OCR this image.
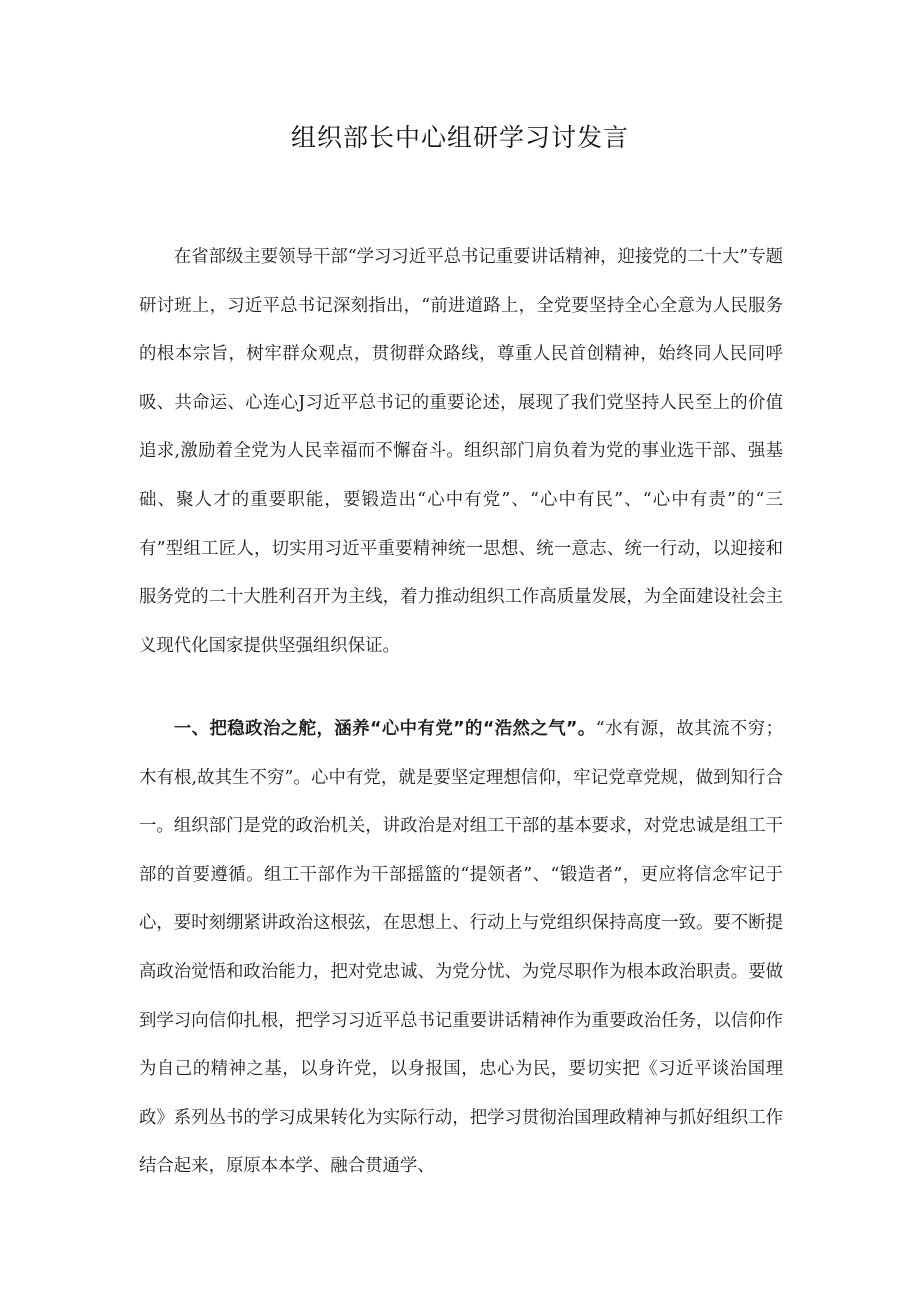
组织部长中心组研学习讨发言

在省部级主要领导干部“学习习近平总书记重要讲话精神，迎接党的二十大”专题研讨班上，习近平总书记深刻指出，“前进道路上，全党要坚持全心全意为人民服务的根本宗旨，树牢群众观点，贯彻群众路线，尊重人民首创精神，始终同人民同呼吸、共命运、心连心J习近平总书记的重要论述，展现了我们党坚持人民至上的价值追求,激励着全党为人民幸福而不懈奋斗。组织部门肩负着为党的事业选干部、强基础、聚人才的重要职能，要锻造出“心中有党”、“心中有民”、“心中有责”的“三有”型组工匠人，切实用习近平重要精神统一思想、统一意志、统一行动，以迎接和服务党的二十大胜利召开为主线，着力推动组织工作高质量发展，为全面建设社会主义现代化国家提供坚强组织保证。

一、把稳政治之舵，涵养“心中有党”的“浩然之气”。“水有源，故其流不穷；木有根,故其生不穷”。心中有党，就是要坚定理想信仰，牢记党章党规，做到知行合一。组织部门是党的政治机关，讲政治是对组工干部的基本要求，对党忠诚是组工干部的首要遵循。组工干部作为干部摇篮的“提领者”、“锻造者”，更应将信念牢记于心，要时刻绷紧讲政治这根弦，在思想上、行动上与党组织保持高度一致。要不断提高政治觉悟和政治能力，把对党忠诚、为党分忧、为党尽职作为根本政治职责。要做到学习向信仰扎根，把学习习近平总书记重要讲话精神作为重要政治任务，以信仰作为自己的精神之基，以身许党，以身报国，忠心为民，要切实把《习近平谈治国理政》系列丛书的学习成果转化为实际行动，把学习贯彻治国理政精神与抓好组织工作结合起来，原原本本学、融合贯通学、
